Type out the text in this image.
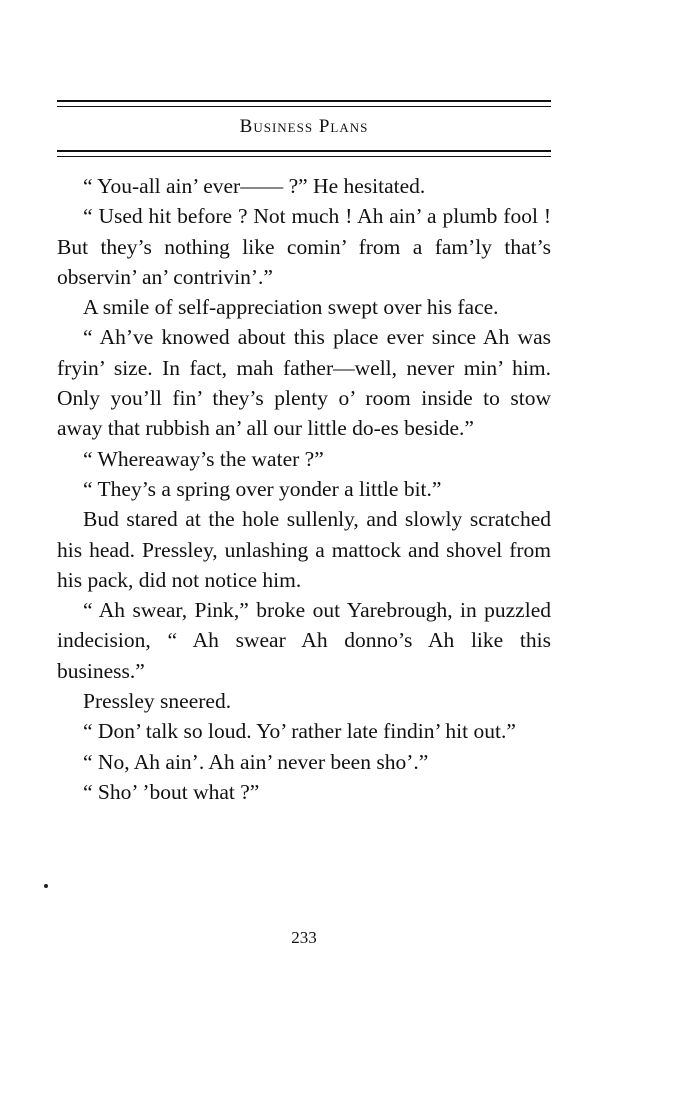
Business Plans

“ You-all ain’ ever—— ?” He hesitated.

“ Used hit before ? Not much ! Ah ain’ a plumb fool ! But they’s nothing like comin’ from a fam’ly that’s observin’ an’ contrivin’.”

A smile of self-appreciation swept over his face.

“ Ah’ve knowed about this place ever since Ah was fryin’ size. In fact, mah father—well, never min’ him. Only you’ll fin’ they’s plenty o’ room inside to stow away that rubbish an’ all our little do-es beside.”

“ Whereaway’s the water ?”

“ They’s a spring over yonder a little bit.”

Bud stared at the hole sullenly, and slowly scratched his head. Pressley, unlashing a mattock and shovel from his pack, did not notice him.

“ Ah swear, Pink,” broke out Yarebrough, in puzzled indecision, “ Ah swear Ah donno’s Ah like this business.”

Pressley sneered.

“ Don’ talk so loud. Yo’ rather late findin’ hit out.”

“ No, Ah ain’. Ah ain’ never been sho’.”

“ Sho’ ’bout what ?”

233
